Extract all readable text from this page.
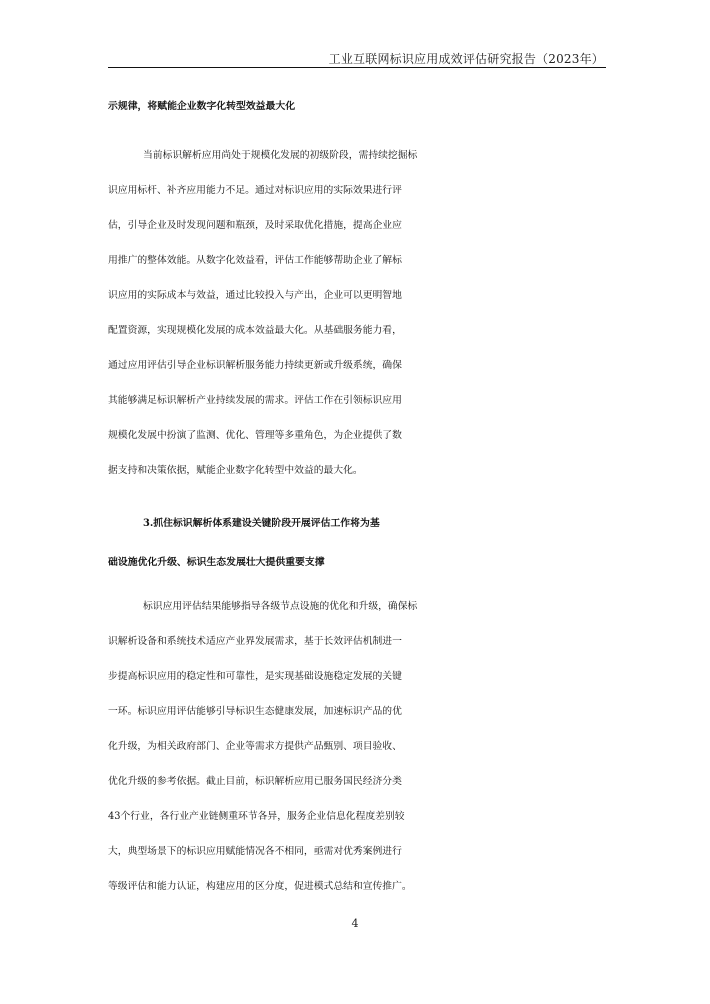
工业互联网标识应用成效评估研究报告（2023年）
示规律，将赋能企业数字化转型效益最大化
当前标识解析应用尚处于规模化发展的初级阶段，需持续挖掘标
识应用标杆、补齐应用能力不足。通过对标识应用的实际效果进行评
估，引导企业及时发现问题和瓶颈，及时采取优化措施，提高企业应
用推广的整体效能。从数字化效益看，评估工作能够帮助企业了解标
识应用的实际成本与效益，通过比较投入与产出，企业可以更明智地
配置资源，实现规模化发展的成本效益最大化。从基础服务能力看，
通过应用评估引导企业标识解析服务能力持续更新或升级系统，确保
其能够满足标识解析产业持续发展的需求。评估工作在引领标识应用
规模化发展中扮演了监测、优化、管理等多重角色，为企业提供了数
据支持和决策依据，赋能企业数字化转型中效益的最大化。
3.抓住标识解析体系建设关键阶段开展评估工作将为基
础设施优化升级、标识生态发展壮大提供重要支撑
标识应用评估结果能够指导各级节点设施的优化和升级，确保标
识解析设备和系统技术适应产业界发展需求，基于长效评估机制进一
步提高标识应用的稳定性和可靠性，是实现基础设施稳定发展的关键
一环。标识应用评估能够引导标识生态健康发展，加速标识产品的优
化升级，为相关政府部门、企业等需求方提供产品甄别、项目验收、
优化升级的参考依据。截止目前，标识解析应用已服务国民经济分类
43个行业，各行业产业链侧重环节各异，服务企业信息化程度差别较
大，典型场景下的标识应用赋能情况各不相同，亟需对优秀案例进行
等级评估和能力认证，构建应用的区分度，促进模式总结和宣传推广。
4
